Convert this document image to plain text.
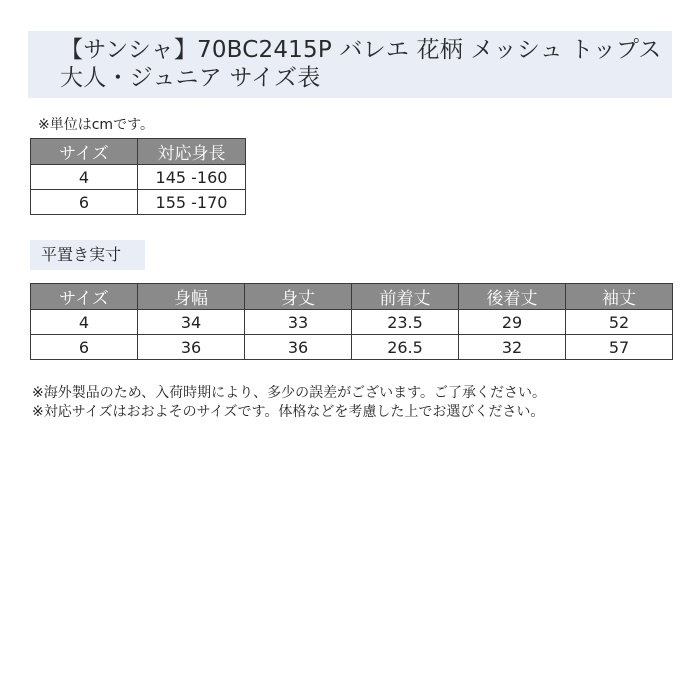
【サンシャ】70BC2415P バレエ 花柄 メッシュ トップス
大人・ジュニア サイズ表
※単位はcmです。
サイズ	対応身長
4	145 -160
6	155 -170
平置き実寸
サイズ	身幅	身丈	前着丈	後着丈	袖丈
4	34	33	23.5	29	52
6	36	36	26.5	32	57
※海外製品のため、入荷時期により、多少の誤差がございます。ご了承ください。
※対応サイズはおおよそのサイズです。体格などを考慮した上でお選びください。
